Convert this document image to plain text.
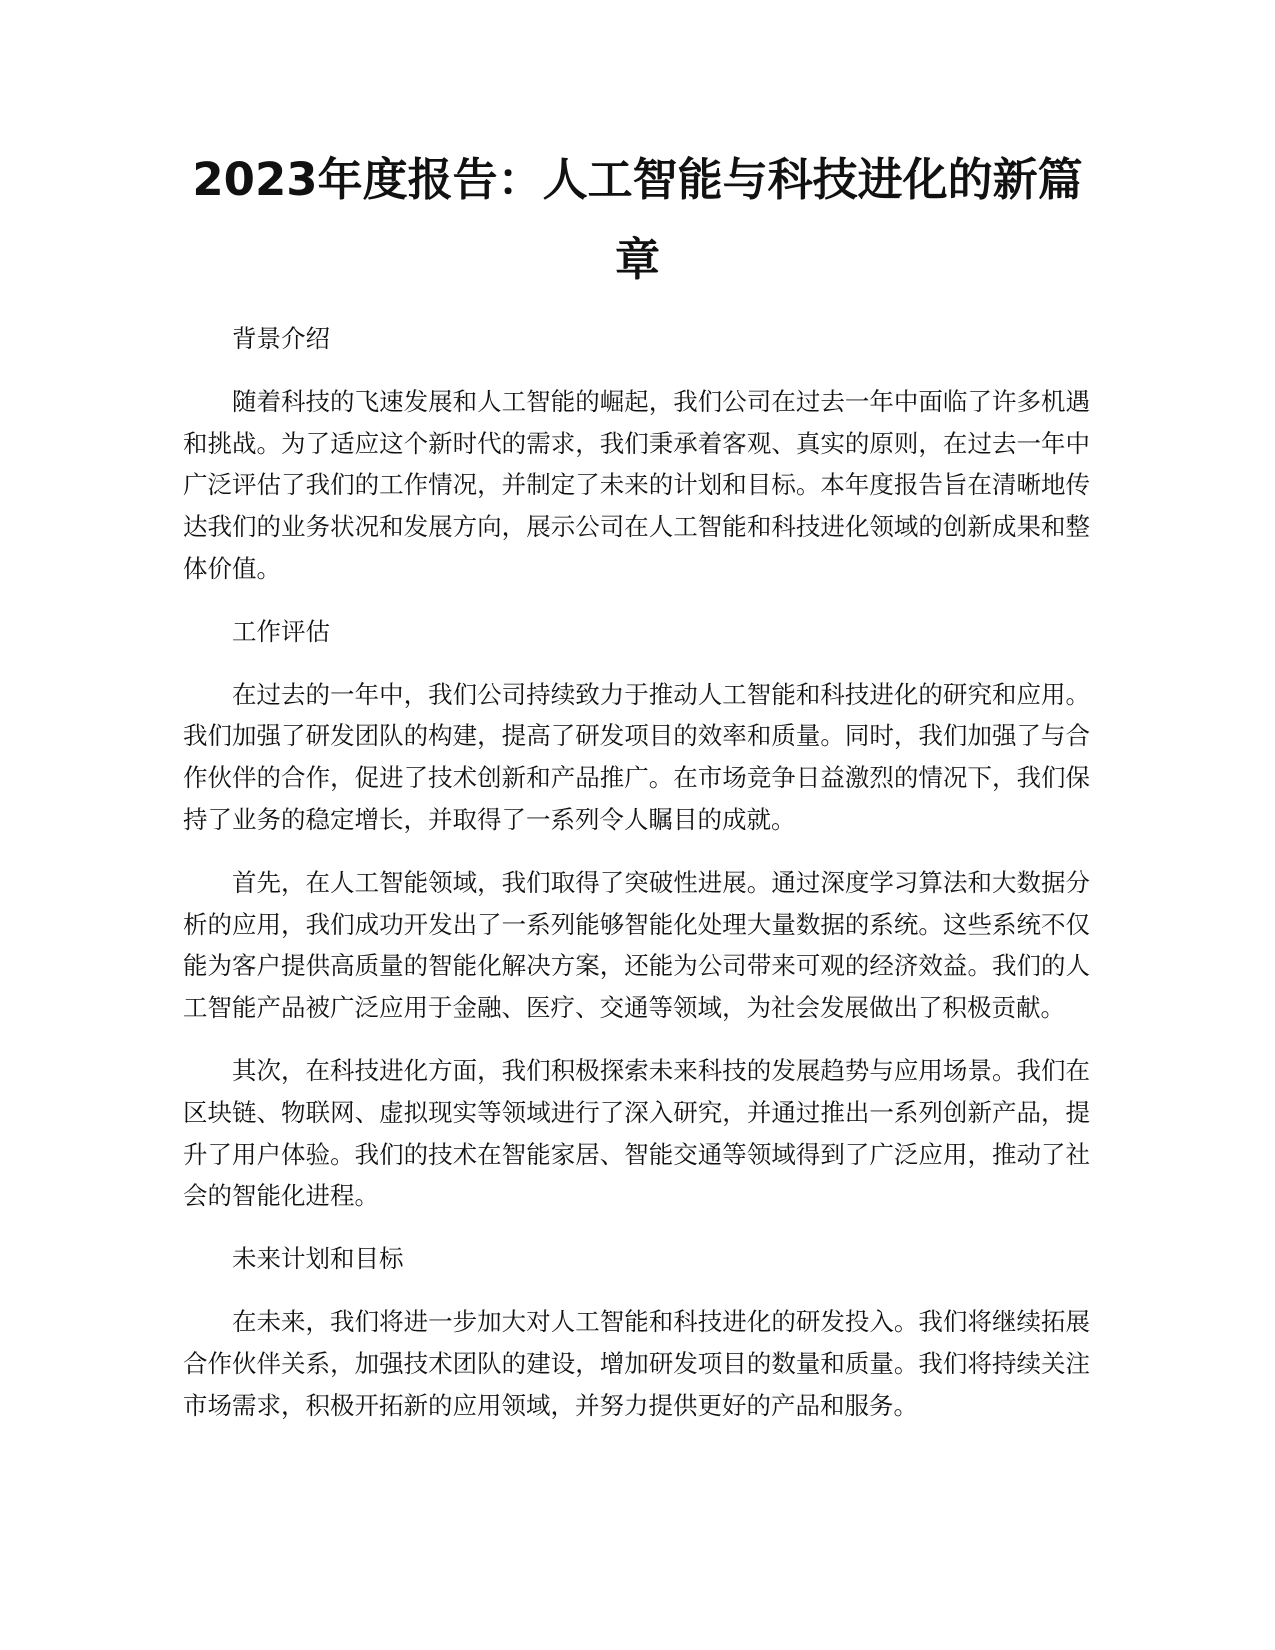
2023年度报告：人工智能与科技进化的新篇章

背景介绍

随着科技的飞速发展和人工智能的崛起，我们公司在过去一年中面临了许多机遇和挑战。为了适应这个新时代的需求，我们秉承着客观、真实的原则，在过去一年中广泛评估了我们的工作情况，并制定了未来的计划和目标。本年度报告旨在清晰地传达我们的业务状况和发展方向，展示公司在人工智能和科技进化领域的创新成果和整体价值。

工作评估

在过去的一年中，我们公司持续致力于推动人工智能和科技进化的研究和应用。我们加强了研发团队的构建，提高了研发项目的效率和质量。同时，我们加强了与合作伙伴的合作，促进了技术创新和产品推广。在市场竞争日益激烈的情况下，我们保持了业务的稳定增长，并取得了一系列令人瞩目的成就。

首先，在人工智能领域，我们取得了突破性进展。通过深度学习算法和大数据分析的应用，我们成功开发出了一系列能够智能化处理大量数据的系统。这些系统不仅能为客户提供高质量的智能化解决方案，还能为公司带来可观的经济效益。我们的人工智能产品被广泛应用于金融、医疗、交通等领域，为社会发展做出了积极贡献。

其次，在科技进化方面，我们积极探索未来科技的发展趋势与应用场景。我们在区块链、物联网、虚拟现实等领域进行了深入研究，并通过推出一系列创新产品，提升了用户体验。我们的技术在智能家居、智能交通等领域得到了广泛应用，推动了社会的智能化进程。

未来计划和目标

在未来，我们将进一步加大对人工智能和科技进化的研发投入。我们将继续拓展合作伙伴关系，加强技术团队的建设，增加研发项目的数量和质量。我们将持续关注市场需求，积极开拓新的应用领域，并努力提供更好的产品和服务。
